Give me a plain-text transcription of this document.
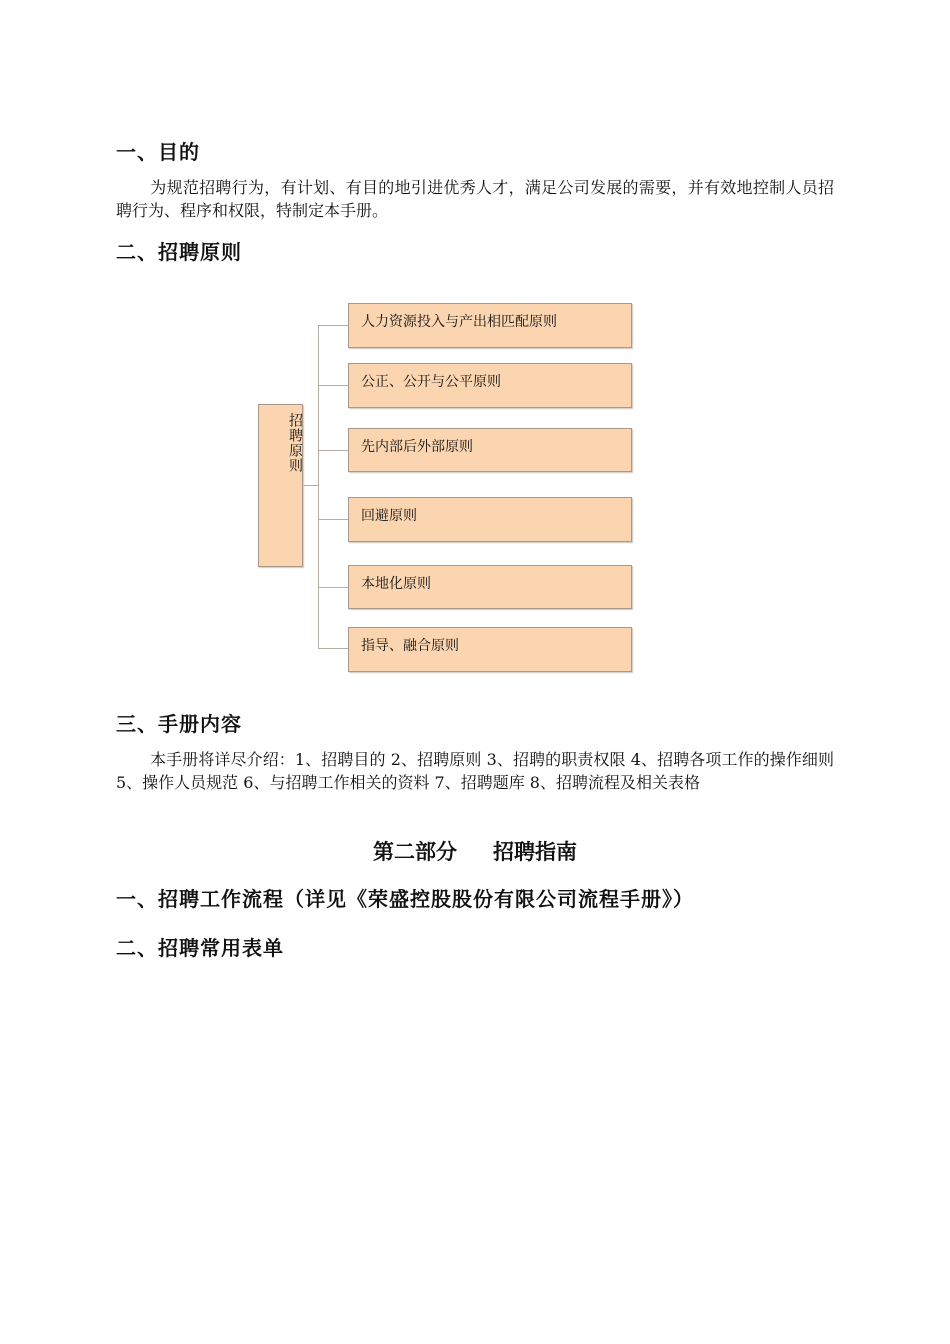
一、目的

为规范招聘行为，有计划、有目的地引进优秀人才，满足公司发展的需要，并有效地控制人员招聘行为、程序和权限，特制定本手册。

二、招聘原则
招聘原则
人力资源投入与产出相匹配原则
公正、公开与公平原则
先内部后外部原则
回避原则
本地化原则
指导、融合原则
三、手册内容

本手册将详尽介绍：1、招聘目的 2、招聘原则 3、招聘的职责权限 4、招聘各项工作的操作细则 5、操作人员规范 6、与招聘工作相关的资料 7、招聘题库 8、招聘流程及相关表格

第二部分 招聘指南
一、招聘工作流程（详见《荣盛控股股份有限公司流程手册》）
二、招聘常用表单
